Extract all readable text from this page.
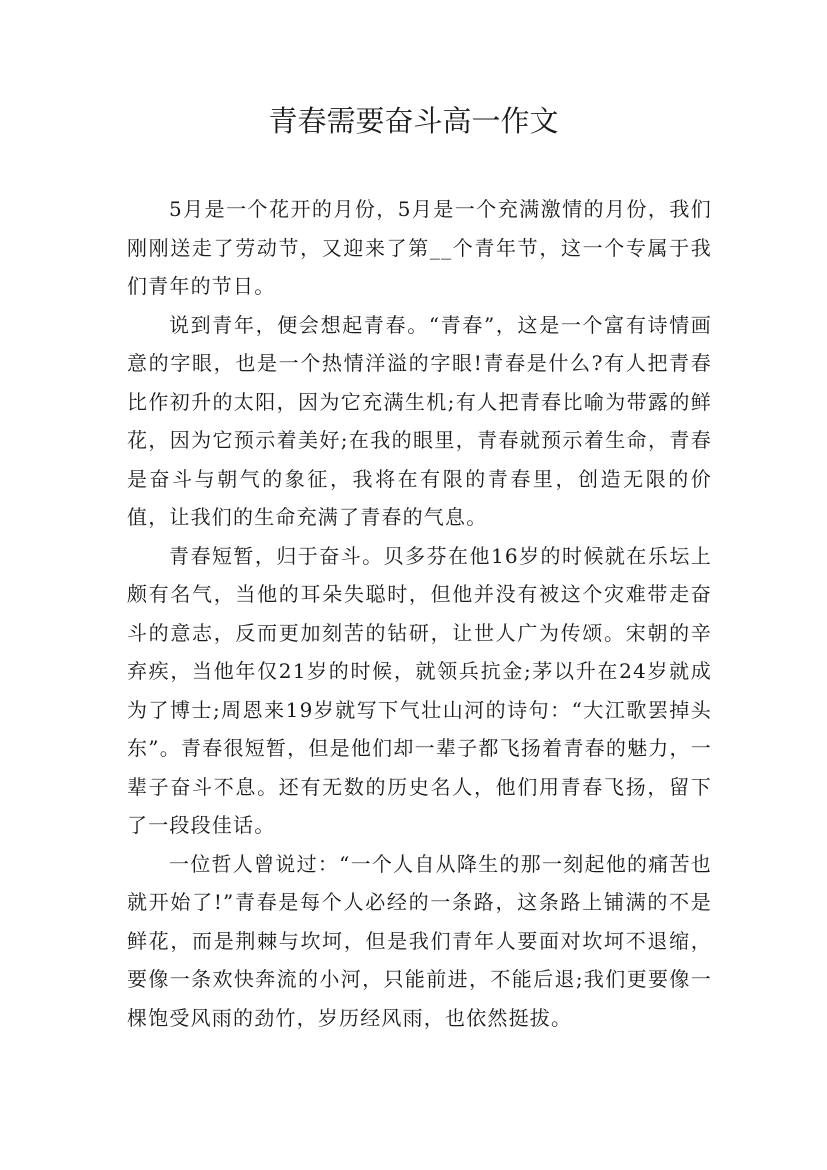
青春需要奋斗高一作文

5月是一个花开的月份，5月是一个充满激情的月份，我们刚刚送走了劳动节，又迎来了第__个青年节，这一个专属于我们青年的节日。

说到青年，便会想起青春。“青春”，这是一个富有诗情画意的字眼，也是一个热情洋溢的字眼!青春是什么?有人把青春比作初升的太阳，因为它充满生机;有人把青春比喻为带露的鲜花，因为它预示着美好;在我的眼里，青春就预示着生命，青春是奋斗与朝气的象征，我将在有限的青春里，创造无限的价值，让我们的生命充满了青春的气息。

青春短暂，归于奋斗。贝多芬在他16岁的时候就在乐坛上颇有名气，当他的耳朵失聪时，但他并没有被这个灾难带走奋斗的意志，反而更加刻苦的钻研，让世人广为传颂。宋朝的辛弃疾，当他年仅21岁的时候，就领兵抗金;茅以升在24岁就成为了博士;周恩来19岁就写下气壮山河的诗句：“大江歌罢掉头东”。青春很短暂，但是他们却一辈子都飞扬着青春的魅力，一辈子奋斗不息。还有无数的历史名人，他们用青春飞扬，留下了一段段佳话。

一位哲人曾说过：“一个人自从降生的那一刻起他的痛苦也就开始了!”青春是每个人必经的一条路，这条路上铺满的不是鲜花，而是荆棘与坎坷，但是我们青年人要面对坎坷不退缩，要像一条欢快奔流的小河，只能前进，不能后退;我们更要像一棵饱受风雨的劲竹，岁历经风雨，也依然挺拔。
